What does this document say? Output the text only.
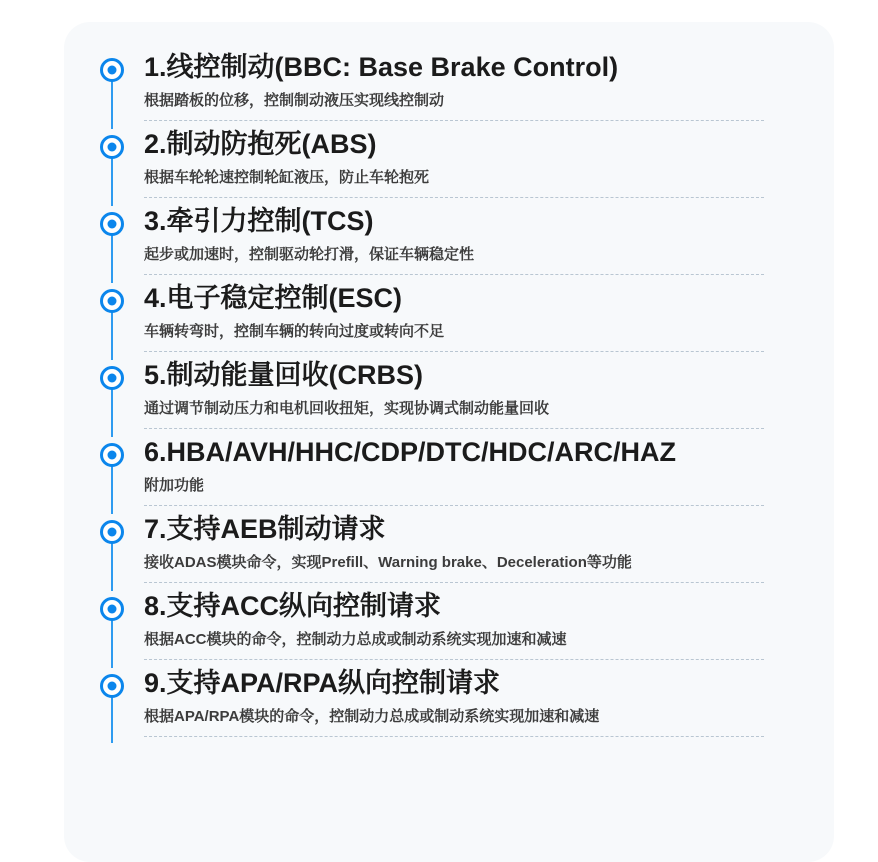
1.线控制动(BBC: Base Brake Control)
根据踏板的位移，控制制动液压实现线控制动
2.制动防抱死(ABS)
根据车轮轮速控制轮缸液压，防止车轮抱死
3.牵引力控制(TCS)
起步或加速时，控制驱动轮打滑，保证车辆稳定性
4.电子稳定控制(ESC)
车辆转弯时，控制车辆的转向过度或转向不足
5.制动能量回收(CRBS)
通过调节制动压力和电机回收扭矩，实现协调式制动能量回收
6.HBA/AVH/HHC/CDP/DTC/HDC/ARC/HAZ
附加功能
7.支持AEB制动请求
接收ADAS模块命令，实现Prefill、Warning brake、Deceleration等功能
8.支持ACC纵向控制请求
根据ACC模块的命令，控制动力总成或制动系统实现加速和减速
9.支持APA/RPA纵向控制请求
根据APA/RPA模块的命令，控制动力总成或制动系统实现加速和减速
